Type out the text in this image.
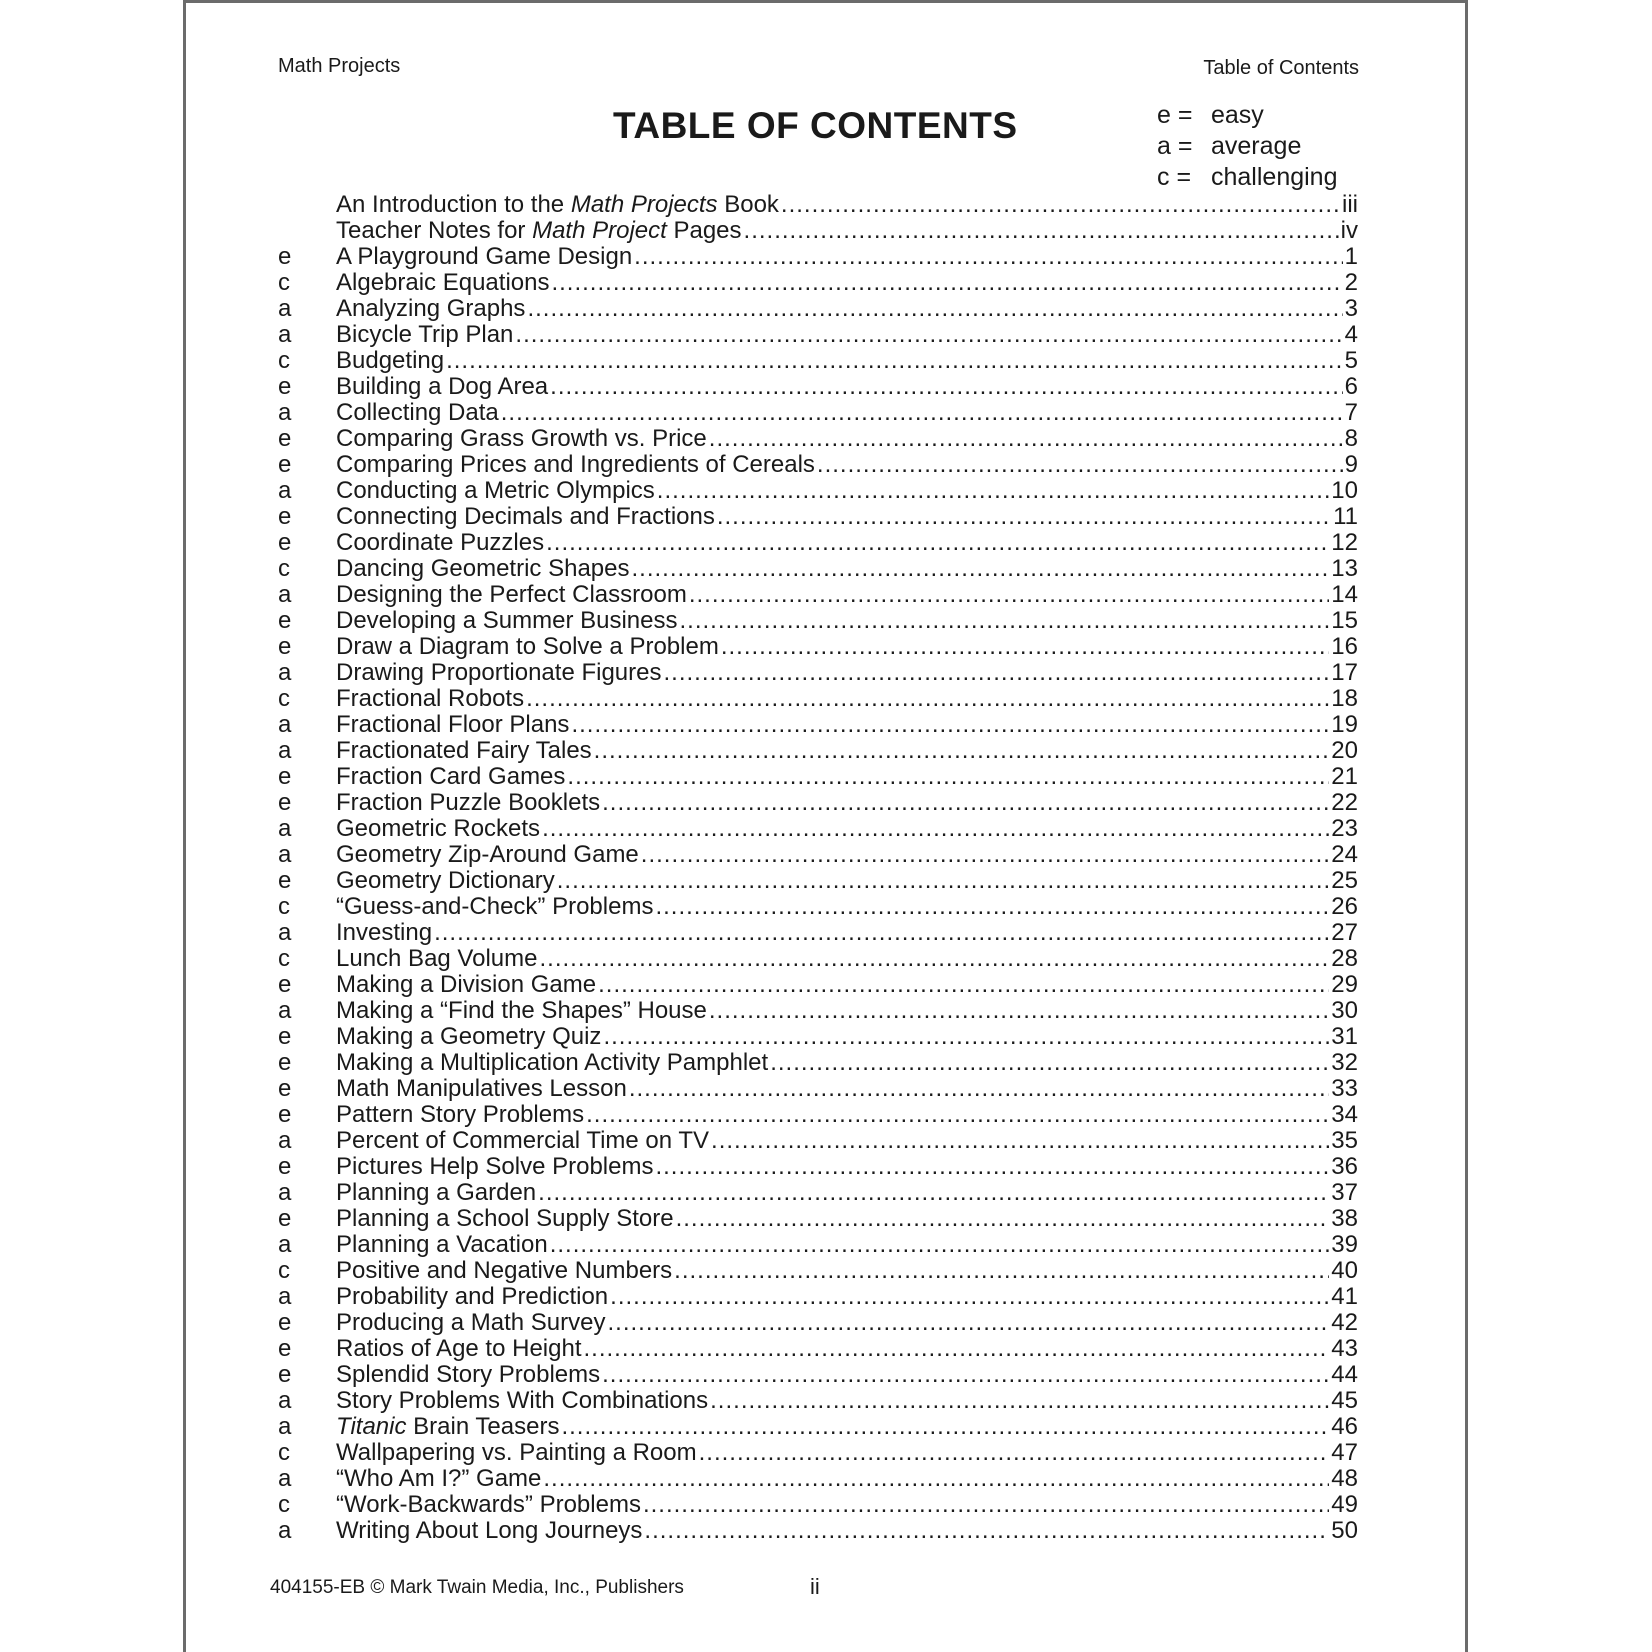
Math Projects	Table of Contents
TABLE OF CONTENTS	e = easy
a = average
c = challenging
An Introduction to the Math Projects Book .....	iii
Teacher Notes for Math Project Pages .....	iv
e	A Playground Game Design .....	1
c	Algebraic Equations .....	2
a	Analyzing Graphs .....	3
a	Bicycle Trip Plan .....	4
c	Budgeting .....	5
e	Building a Dog Area .....	6
a	Collecting Data .....	7
e	Comparing Grass Growth vs. Price .....	8
e	Comparing Prices and Ingredients of Cereals .....	9
a	Conducting a Metric Olympics .....	10
e	Connecting Decimals and Fractions .....	11
e	Coordinate Puzzles .....	12
c	Dancing Geometric Shapes .....	13
a	Designing the Perfect Classroom .....	14
e	Developing a Summer Business .....	15
e	Draw a Diagram to Solve a Problem .....	16
a	Drawing Proportionate Figures .....	17
c	Fractional Robots .....	18
a	Fractional Floor Plans .....	19
a	Fractionated Fairy Tales .....	20
e	Fraction Card Games .....	21
e	Fraction Puzzle Booklets .....	22
a	Geometric Rockets .....	23
a	Geometry Zip-Around Game .....	24
e	Geometry Dictionary .....	25
c	“Guess-and-Check” Problems .....	26
a	Investing .....	27
c	Lunch Bag Volume .....	28
e	Making a Division Game .....	29
a	Making a “Find the Shapes” House .....	30
e	Making a Geometry Quiz .....	31
e	Making a Multiplication Activity Pamphlet .....	32
e	Math Manipulatives Lesson .....	33
e	Pattern Story Problems .....	34
a	Percent of Commercial Time on TV .....	35
e	Pictures Help Solve Problems .....	36
a	Planning a Garden .....	37
e	Planning a School Supply Store .....	38
a	Planning a Vacation .....	39
c	Positive and Negative Numbers .....	40
a	Probability and Prediction .....	41
e	Producing a Math Survey .....	42
e	Ratios of Age to Height .....	43
e	Splendid Story Problems .....	44
a	Story Problems With Combinations .....	45
a	Titanic Brain Teasers .....	46
c	Wallpapering vs. Painting a Room .....	47
a	“Who Am I?” Game .....	48
c	“Work-Backwards” Problems .....	49
a	Writing About Long Journeys .....	50
404155-EB © Mark Twain Media, Inc., Publishers	ii
